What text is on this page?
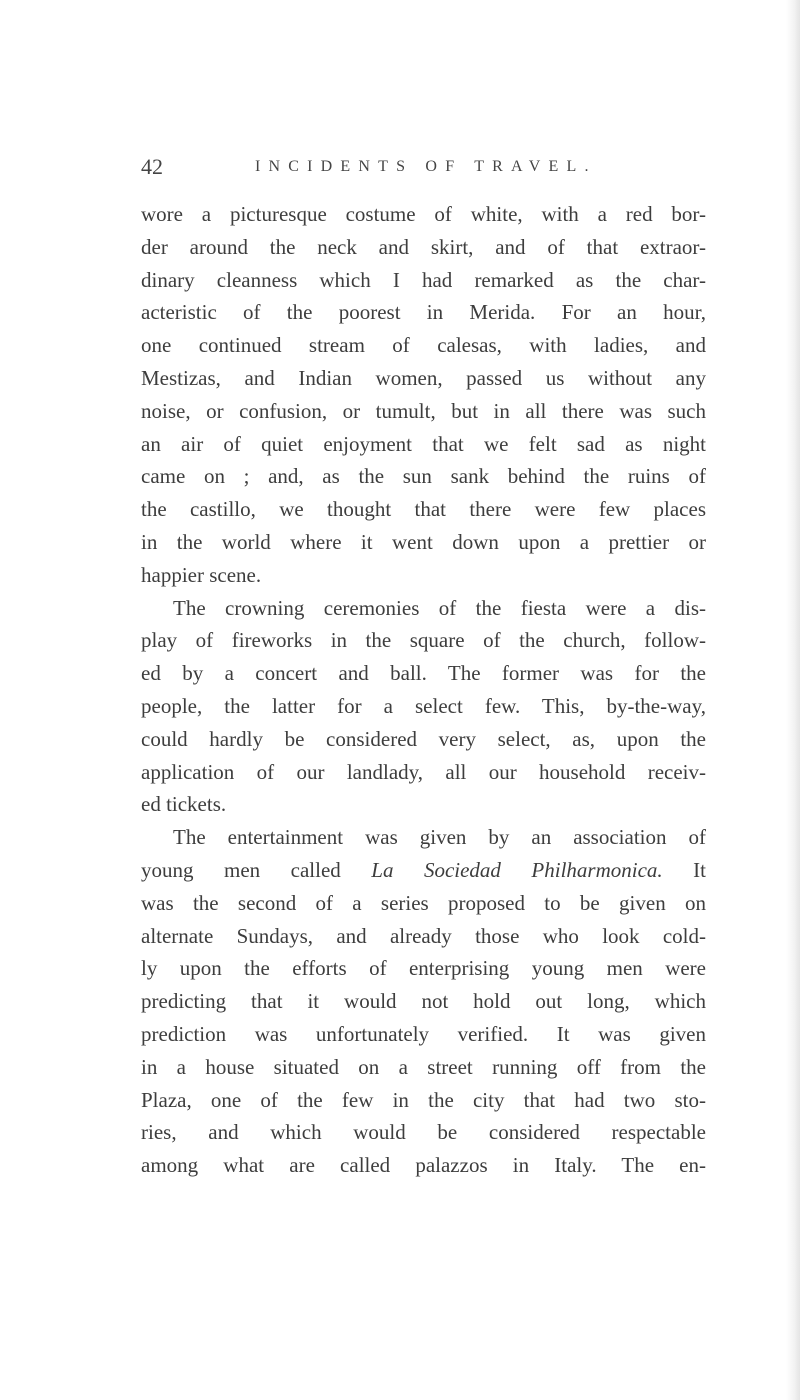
42	INCIDENTS OF TRAVEL.
wore a picturesque costume of white, with a red bor-
der around the neck and skirt, and of that extraor-
dinary cleanness which I had remarked as the char-
acteristic of the poorest in Merida. For an hour,
one continued stream of calesas, with ladies, and
Mestizas, and Indian women, passed us without any
noise, or confusion, or tumult, but in all there was such
an air of quiet enjoyment that we felt sad as night
came on ; and, as the sun sank behind the ruins of
the castillo, we thought that there were few places
in the world where it went down upon a prettier or
happier scene.
The crowning ceremonies of the fiesta were a dis-
play of fireworks in the square of the church, follow-
ed by a concert and ball. The former was for the
people, the latter for a select few. This, by-the-way,
could hardly be considered very select, as, upon the
application of our landlady, all our household receiv-
ed tickets.
The entertainment was given by an association of
young men called La Sociedad Philharmonica. It
was the second of a series proposed to be given on
alternate Sundays, and already those who look cold-
ly upon the efforts of enterprising young men were
predicting that it would not hold out long, which
prediction was unfortunately verified. It was given
in a house situated on a street running off from the
Plaza, one of the few in the city that had two sto-
ries, and which would be considered respectable
among what are called palazzos in Italy. The en-
